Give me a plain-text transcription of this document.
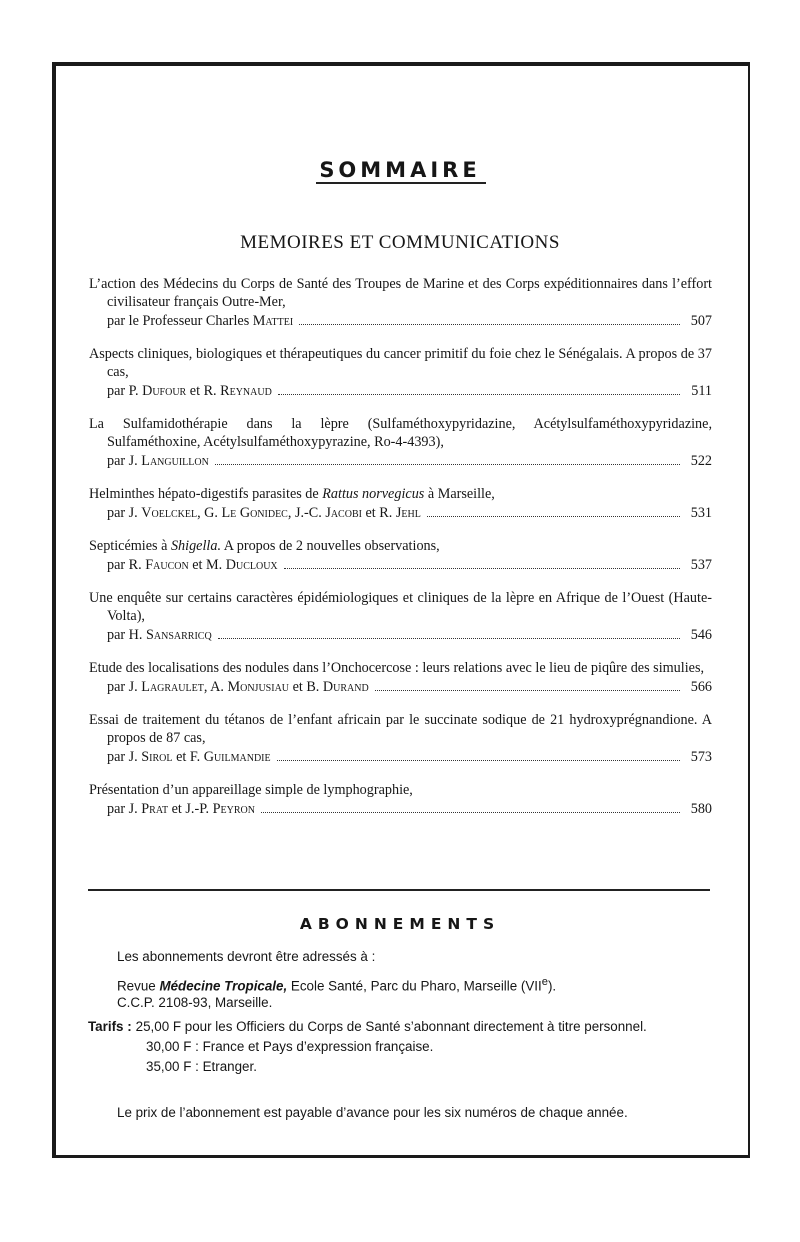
SOMMAIRE
MEMOIRES ET COMMUNICATIONS
L’action des Médecins du Corps de Santé des Troupes de Marine et des Corps expéditionnaires dans l’effort civilisateur français Outre-Mer,
par le Professeur Charles Mattei	507
Aspects cliniques, biologiques et thérapeutiques du cancer primitif du foie chez le Sénégalais. A propos de 37 cas,
par P. Dufour et R. Reynaud	511
La Sulfamidothérapie dans la lèpre (Sulfaméthoxypyridazine, Acétylsulfaméthoxypyridazine, Sulfaméthoxine, Acétylsulfaméthoxypyrazine, Ro-4-4393),
par J. Languillon	522
Helminthes hépato-digestifs parasites de Rattus norvegicus à Marseille,
par J. Voelckel, G. Le Gonidec, J.-C. Jacobi et R. Jehl	531
Septicémies à Shigella. A propos de 2 nouvelles observations,
par R. Faucon et M. Ducloux	537
Une enquête sur certains caractères épidémiologiques et cliniques de la lèpre en Afrique de l’Ouest (Haute-Volta),
par H. Sansarricq	546
Etude des localisations des nodules dans l’Onchocercose : leurs relations avec le lieu de piqûre des simulies,
par J. Lagraulet, A. Monjusiau et B. Durand	566
Essai de traitement du tétanos de l’enfant africain par le succinate sodique de 21 hydroxyprégnandione. A propos de 87 cas,
par J. Sirol et F. Guilmandie	573
Présentation d’un appareillage simple de lymphographie,
par J. Prat et J.-P. Peyron	580
ABONNEMENTS
Les abonnements devront être adressés à :
Revue Médecine Tropicale, Ecole Santé, Parc du Pharo, Marseille (VIIe).
C.C.P. 2108-93, Marseille.
Tarifs : 25,00 F pour les Officiers du Corps de Santé s’abonnant directement à titre personnel.
30,00 F : France et Pays d’expression française.
35,00 F : Etranger.
Le prix de l’abonnement est payable d’avance pour les six numéros de chaque année.
